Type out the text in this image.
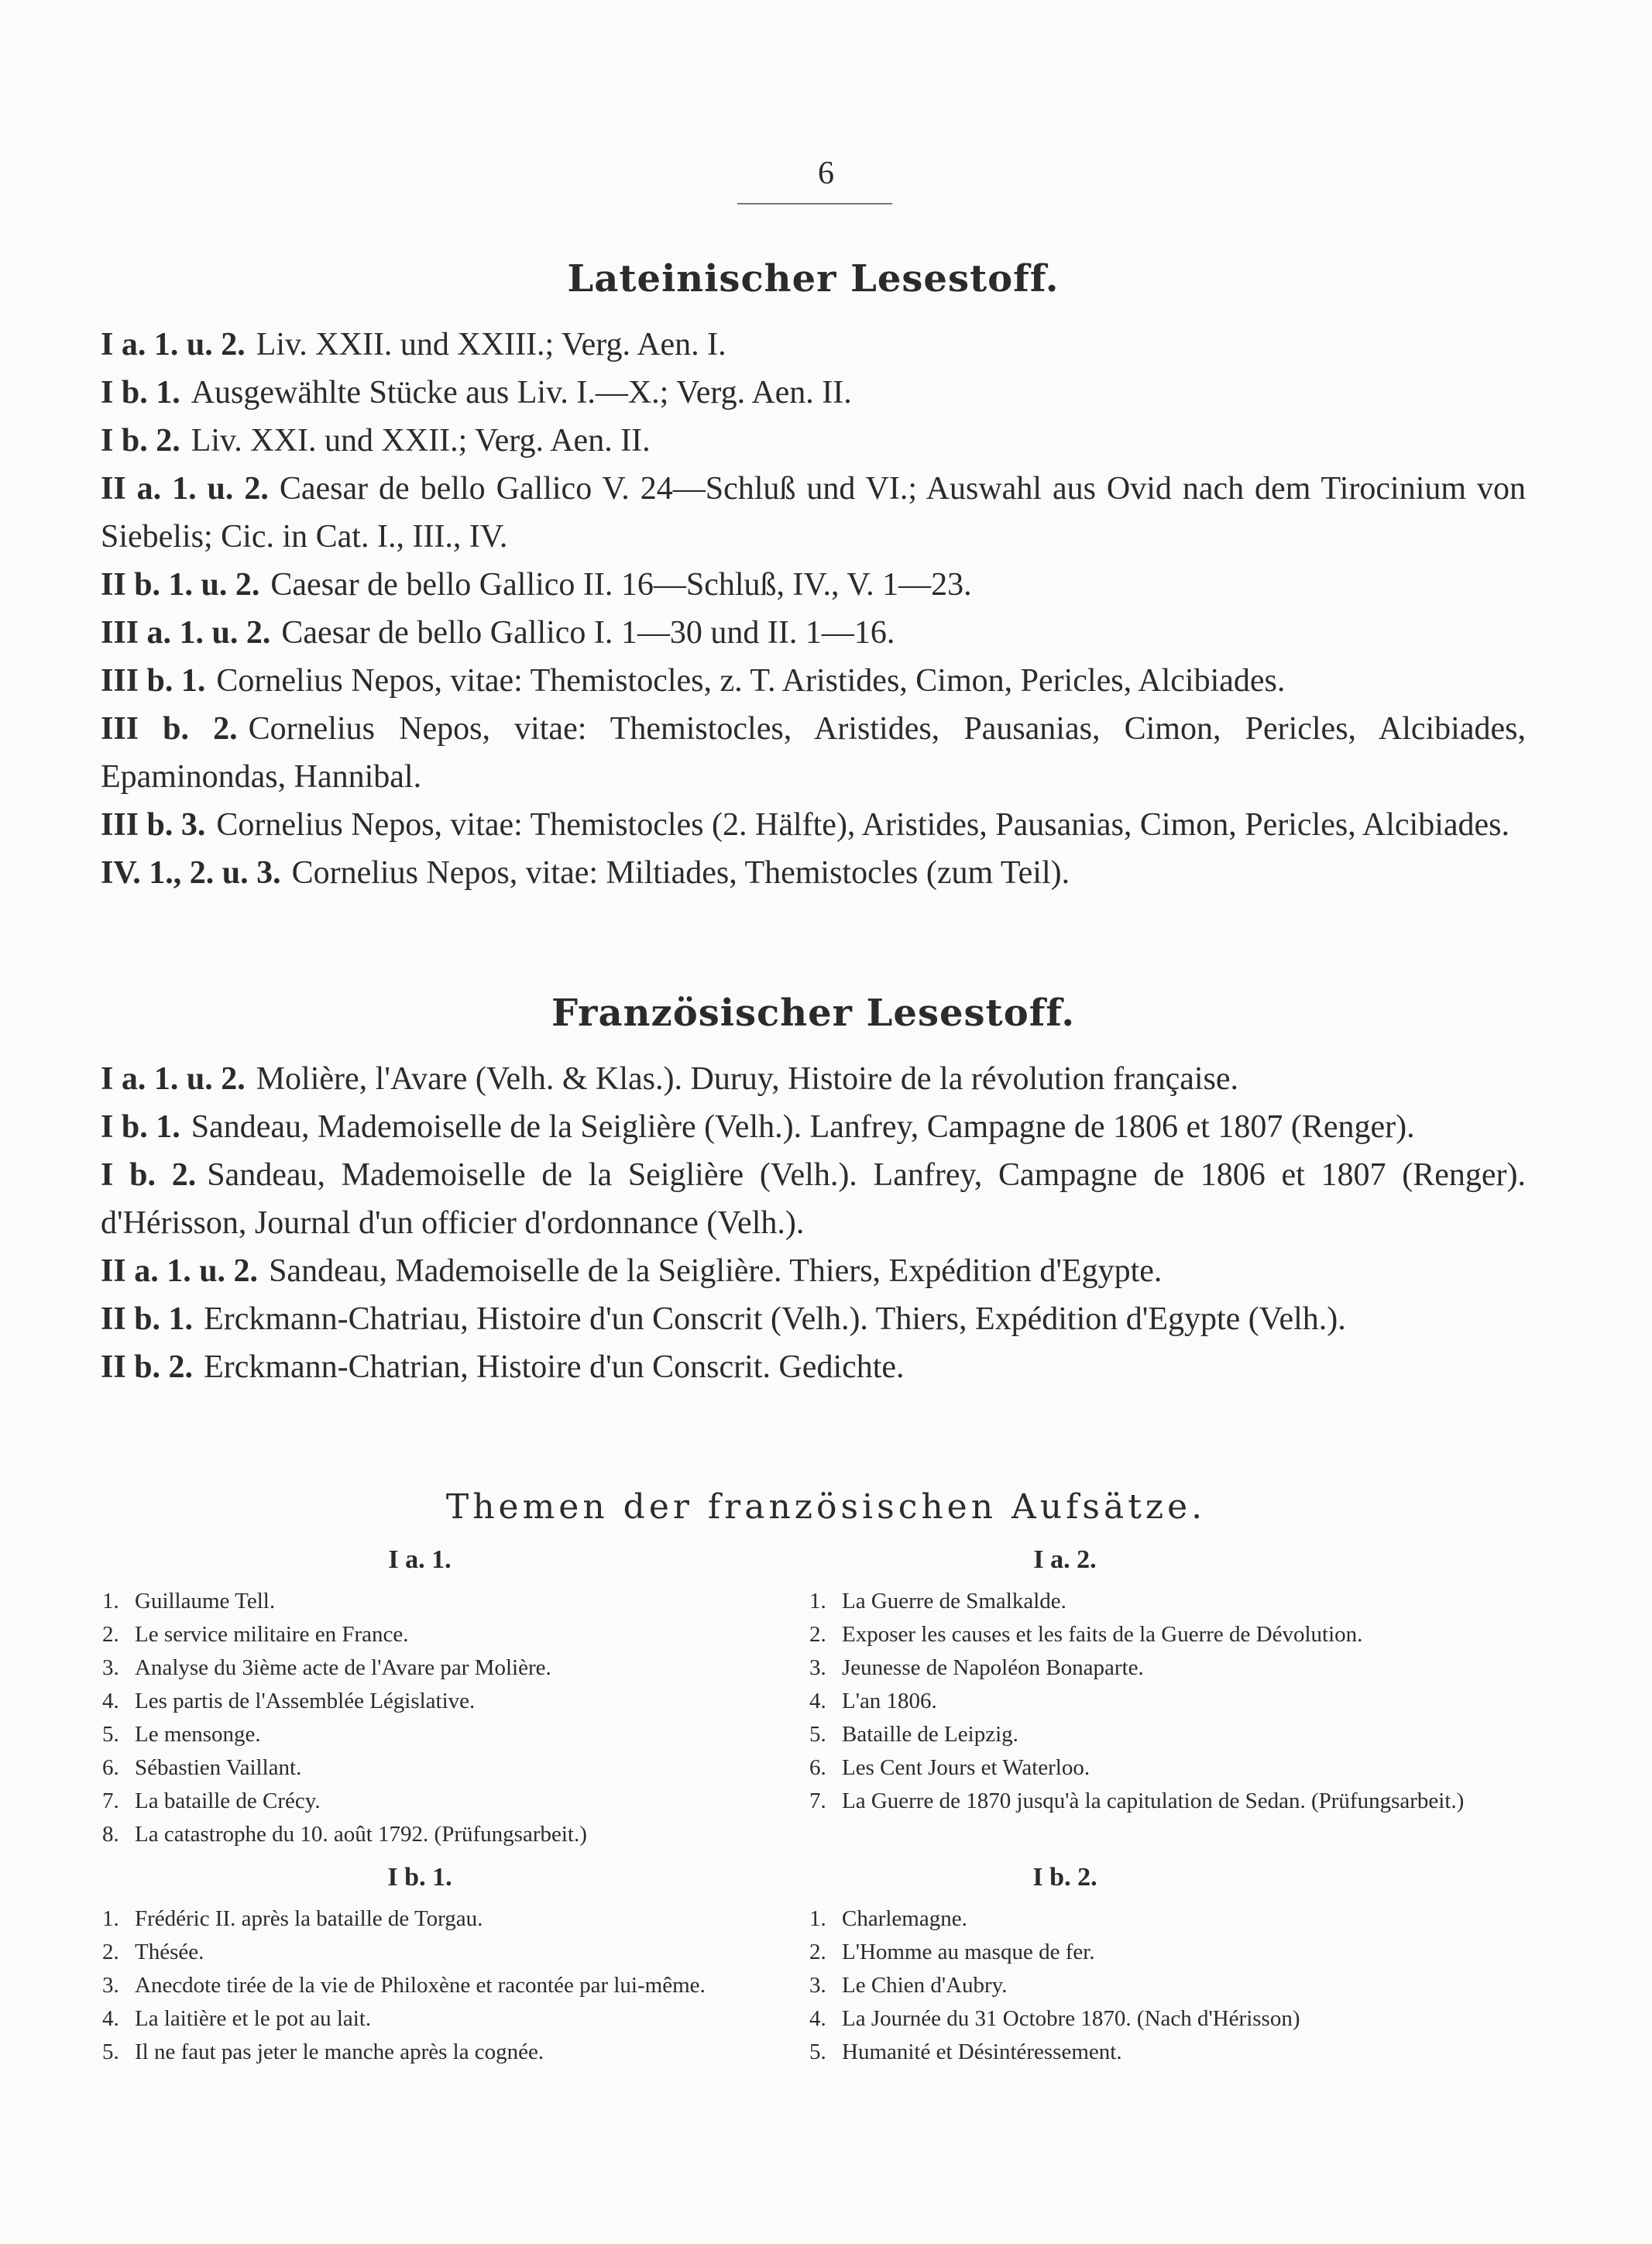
6
Lateinischer Lesestoff.
I a. 1. u. 2. Liv. XXII. und XXIII.; Verg. Aen. I.
I b. 1. Ausgewählte Stücke aus Liv. I.—X.; Verg. Aen. II.
I b. 2. Liv. XXI. und XXII.; Verg. Aen. II.
II a. 1. u. 2. Caesar de bello Gallico V. 24—Schluß und VI.; Auswahl aus Ovid nach dem Tirocinium von Siebelis; Cic. in Cat. I., III., IV.
II b. 1. u. 2. Caesar de bello Gallico II. 16—Schluß, IV., V. 1—23.
III a. 1. u. 2. Caesar de bello Gallico I. 1—30 und II. 1—16.
III b. 1. Cornelius Nepos, vitae: Themistocles, z. T. Aristides, Cimon, Pericles, Alcibiades.
III b. 2. Cornelius Nepos, vitae: Themistocles, Aristides, Pausanias, Cimon, Pericles, Alcibiades, Epaminondas, Hannibal.
III b. 3. Cornelius Nepos, vitae: Themistocles (2. Hälfte), Aristides, Pausanias, Cimon, Pericles, Alcibiades.
IV. 1., 2. u. 3. Cornelius Nepos, vitae: Miltiades, Themistocles (zum Teil).
Französischer Lesestoff.
I a. 1. u. 2. Molière, l'Avare (Velh. & Klas.). Duruy, Histoire de la révolution française.
I b. 1. Sandeau, Mademoiselle de la Seiglière (Velh.). Lanfrey, Campagne de 1806 et 1807 (Renger).
I b. 2. Sandeau, Mademoiselle de la Seiglière (Velh.). Lanfrey, Campagne de 1806 et 1807 (Renger). d'Hérisson, Journal d'un officier d'ordonnance (Velh.).
II a. 1. u. 2. Sandeau, Mademoiselle de la Seiglière. Thiers, Expédition d'Egypte.
II b. 1. Erckmann-Chatriau, Histoire d'un Conscrit (Velh.). Thiers, Expédition d'Egypte (Velh.).
II b. 2. Erckmann-Chatrian, Histoire d'un Conscrit. Gedichte.
Themen der französischen Aufsätze.
I a. 1.
1. Guillaume Tell.
2. Le service militaire en France.
3. Analyse du 3ième acte de l'Avare par Molière.
4. Les partis de l'Assemblée Législative.
5. Le mensonge.
6. Sébastien Vaillant.
7. La bataille de Crécy.
8. La catastrophe du 10. août 1792. (Prüfungsarbeit.)
I a. 2.
1. La Guerre de Smalkalde.
2. Exposer les causes et les faits de la Guerre de Dévolution.
3. Jeunesse de Napoléon Bonaparte.
4. L'an 1806.
5. Bataille de Leipzig.
6. Les Cent Jours et Waterloo.
7. La Guerre de 1870 jusqu'à la capitulation de Sedan. (Prüfungsarbeit.)
I b. 1.
1. Frédéric II. après la bataille de Torgau.
2. Thésée.
3. Anecdote tirée de la vie de Philoxène et racontée par lui-même.
4. La laitière et le pot au lait.
5. Il ne faut pas jeter le manche après la cognée.
I b. 2.
1. Charlemagne.
2. L'Homme au masque de fer.
3. Le Chien d'Aubry.
4. La Journée du 31 Octobre 1870. (Nach d'Hérisson)
5. Humanité et Désintéressement.
